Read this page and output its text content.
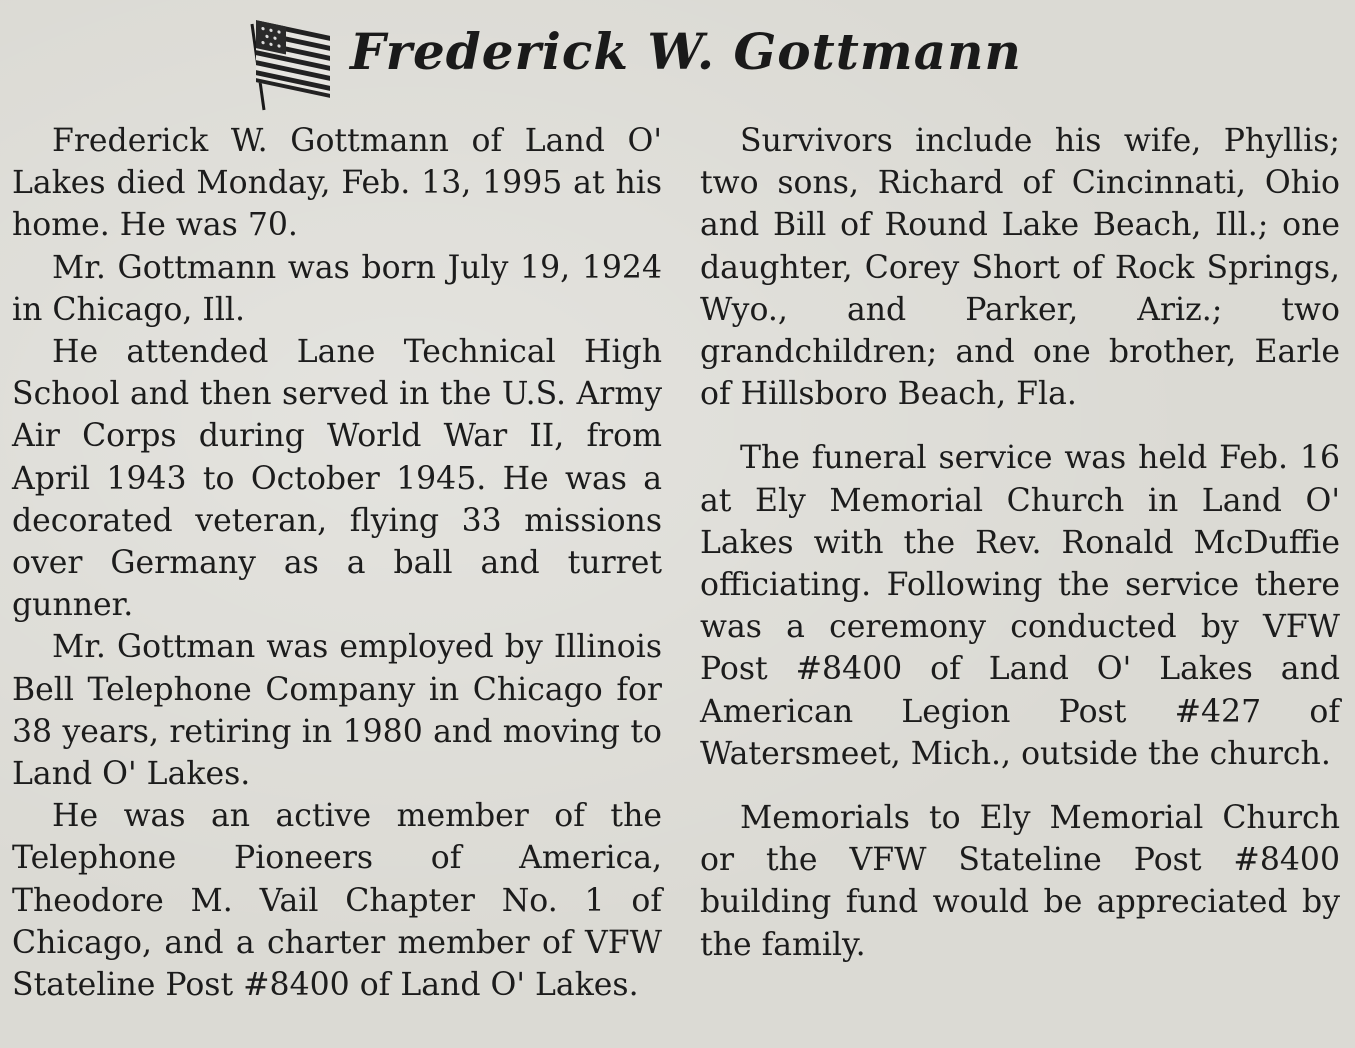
Frederick W. Gottmann

Frederick W. Gottmann of Land O' Lakes died Monday, Feb. 13, 1995 at his home. He was 70.

Mr. Gottmann was born July 19, 1924 in Chicago, Ill.

He attended Lane Technical High School and then served in the U.S. Army Air Corps during World War II, from April 1943 to October 1945. He was a decorated veteran, flying 33 missions over Germany as a ball and turret gunner.

Mr. Gottman was employed by Illinois Bell Telephone Company in Chicago for 38 years, retiring in 1980 and moving to Land O' Lakes.

He was an active member of the Telephone Pioneers of America, Theodore M. Vail Chapter No. 1 of Chicago, and a charter member of VFW Stateline Post #8400 of Land O' Lakes.

Survivors include his wife, Phyllis; two sons, Richard of Cincinnati, Ohio and Bill of Round Lake Beach, Ill.; one daughter, Corey Short of Rock Springs, Wyo., and Parker, Ariz.; two grandchildren; and one brother, Earle of Hillsboro Beach, Fla.

The funeral service was held Feb. 16 at Ely Memorial Church in Land O' Lakes with the Rev. Ronald McDuffie officiating. Following the service there was a ceremony conducted by VFW Post #8400 of Land O' Lakes and American Legion Post #427 of Watersmeet, Mich., outside the church.

Memorials to Ely Memorial Church or the VFW Stateline Post #8400 building fund would be appreciated by the family.
